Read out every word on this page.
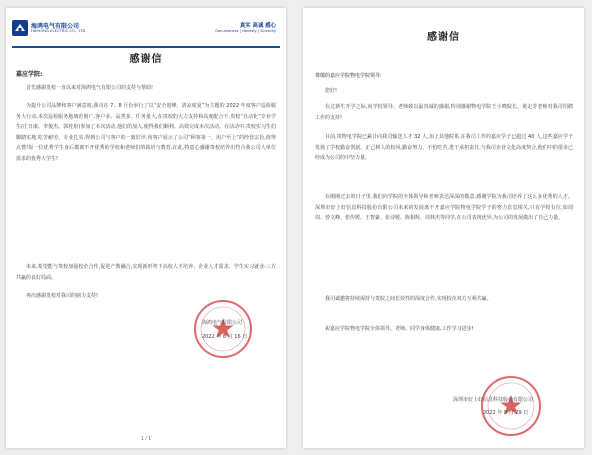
海鸿电气有限公司
HAIHONG ELECTRIC CO., LTD
真实 高诚 感心
Genuineness | Honesty | Sincerity
感谢信
嘉应学院:
首先感谢贵校一直以来对海鸿电气有限公司的支持与帮助!
为提升公司品牌和客户满意度,我司在 7、8 月份举行了以“安全迎峰、清凉度夏”为主题的 2022 年度客户巡检服务大行动,本次巡检服务地域范围广,客户多、品类多、任务量大,在贵校的大力支持和高度配合下,贵校“自动化”专业学生(庄日康、李俊杰、郭桂垠)参加了本次活动,他们的加入,使得我们顺利、高效完成本次活动。在活动中,贵校实习生们脚踏实地,吃苦耐劳、专业扎实,得到公司与客户的一致好评,向客户展示了公司“顾客第一、用户至上”的经营宗旨,值得点赞!每一位优秀学生身后都离不开优秀的学校和老师们的栽培与教育,在此,特意心感谢贵校培养出符合我公司人单位需求的优秀大学生!
未来,希望能与贵校加强校企合作,促进产教融合,实现新形势下高校人才培养、企业人才需求、学生实习就业:三方共赢的良好局面。
再次感谢贵校对我司的鼎力支持!
海鸿电气有限公司
2022 年 8 月 16 日
1 / 1
感谢信
尊敬的嘉应学院物电学院领导:
您好!
在过新生开学之际,向学校领导、老师致以最真诚的感谢,特别感谢物电学院王小晓院长、黄走芳老师对我司招聘工作的支持!
目前,贵物电学院已累计向我司输送人才 32 人,加上其他院系,在我司工作的嘉应学子已超过 40 人,这些嘉应学子发扬了学校勤奋创新、正己树人的校风,勤奋努力、不怕吃苦,勇于承担责任,与我司企业文化高度契合,他们中的很多已经成为公司的中坚力量。
在刚刚过去的日子里,我们向学院的全体领导和老师表达深深的敬意,感谢学院为我司培养了这么多优秀的人才。深圳市好上好信息科技股份有限公司未来的发展离不开嘉应学院物电学院学子的努力息息相关,只有学校有位,如周周、曾文峰、张传媛、王智豪、张诗媛、陈相辉、周林杰等同学,在公司表现优异,为公司的发展做出了自己力量。
我司诚邀将持续保持与贵院之间长效性的深度合作,实现校企双方互利共赢。
祝嘉应学院物电学院全体领导、老师、同学身体健康,工作学习进步!
深圳市好上好信息科技股份有限公司
2022 年 8 月 29 日
